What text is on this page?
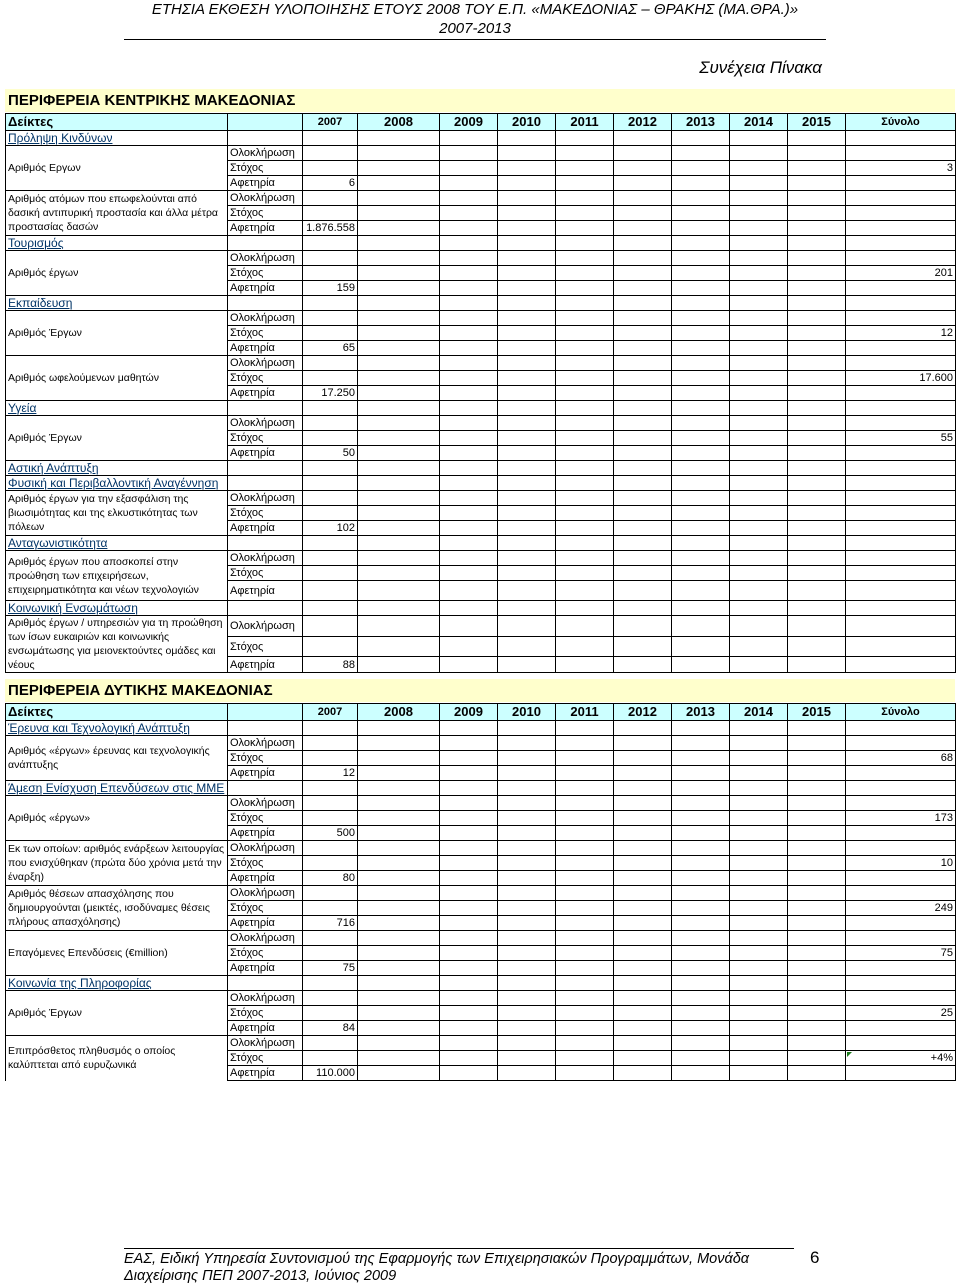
ΕΤΗΣΙΑ ΕΚΘΕΣΗ ΥΛΟΠΟΙΗΣΗΣ ΕΤΟΥΣ 2008 ΤΟΥ Ε.Π. «ΜΑΚΕΔΟΝΙΑΣ – ΘΡΑΚΗΣ (ΜΑ.ΘΡΑ.)»
2007-2013
Συνέχεια Πίνακα
ΠΕΡΙΦΕΡΕΙΑ ΚΕΝΤΡΙΚΗΣ ΜΑΚΕΔΟΝΙΑΣ
Δείκτες		2007	2008	2009	2010	2011	2012	2013	2014	2015	Σύνολο
Πρόληψη Κινδύνων											
Αριθμός Εργων	Ολοκλήρωση										
	Στόχος										3
	Αφετηρία	6									
Αριθμός ατόμων που επωφελούνται από δασική αντιπυρική προστασία και άλλα μέτρα προστασίας δασών	Ολοκλήρωση										
	Στόχος										
	Αφετηρία	1.876.558									
Τουρισμός											
Αριθμός έργων	Ολοκλήρωση										
	Στόχος										201
	Αφετηρία	159									
Εκπαίδευση											
Αριθμός Έργων	Ολοκλήρωση										
	Στόχος										12
	Αφετηρία	65									
Αριθμός ωφελούμενων μαθητών	Ολοκλήρωση										
	Στόχος										17.600
	Αφετηρία	17.250									
Υγεία											
Αριθμός Έργων	Ολοκλήρωση										
	Στόχος										55
	Αφετηρία	50									
Αστική Ανάπτυξη											
Φυσική και Περιβαλλοντική Αναγέννηση											
Αριθμός έργων για την εξασφάλιση της βιωσιμότητας και της ελκυστικότητας των πόλεων	Ολοκλήρωση										
	Στόχος										
	Αφετηρία	102									
Ανταγωνιστικότητα											
Αριθμός έργων που αποσκοπεί στην προώθηση των επιχειρήσεων, επιχειρηματικότητα και νέων τεχνολογιών	Ολοκλήρωση										
	Στόχος										
	Αφετηρία										
Κοινωνική Ενσωμάτωση											
Αριθμός έργων / υπηρεσιών για τη προώθηση των ίσων ευκαιριών και κοινωνικής ενσωμάτωσης για μειονεκτούντες ομάδες και νέους	Ολοκλήρωση										
	Στόχος										
	Αφετηρία	88									
ΠΕΡΙΦΕΡΕΙΑ ΔΥΤΙΚΗΣ ΜΑΚΕΔΟΝΙΑΣ
Δείκτες		2007	2008	2009	2010	2011	2012	2013	2014	2015	Σύνολο
Έρευνα και Τεχνολογική Ανάπτυξη											
Αριθμός «έργων» έρευνας και τεχνολογικής ανάπτυξης	Ολοκλήρωση										
	Στόχος										68
	Αφετηρία	12									
Άμεση Ενίσχυση Επενδύσεων στις ΜΜΕ											
Αριθμός «έργων»	Ολοκλήρωση										
	Στόχος										173
	Αφετηρία	500									
Εκ των οποίων: αριθμός ενάρξεων λειτουργίας που ενισχύθηκαν (πρώτα δύο χρόνια μετά την έναρξη)	Ολοκλήρωση										
	Στόχος										10
	Αφετηρία	80									
Αριθμός θέσεων απασχόλησης που δημιουργούνται (μεικτές, ισοδύναμες θέσεις πλήρους απασχόλησης)	Ολοκλήρωση										
	Στόχος										249
	Αφετηρία	716									
Επαγόμενες Επενδύσεις (€million)	Ολοκλήρωση										
	Στόχος										75
	Αφετηρία	75									
Κοινωνία της Πληροφορίας											
Αριθμός Έργων	Ολοκλήρωση										
	Στόχος										25
	Αφετηρία	84									
Επιπρόσθετος πληθυσμός ο οποίος καλύπτεται από ευρυζωνικά	Ολοκλήρωση										
	Στόχος										+4%
	Αφετηρία	110.000									
ΕΑΣ, Ειδική Υπηρεσία Συντονισμού της Εφαρμογής των Επιχειρησιακών Προγραμμάτων, Μονάδα Διαχείρισης ΠΕΠ 2007-2013, Ιούνιος 2009
6
